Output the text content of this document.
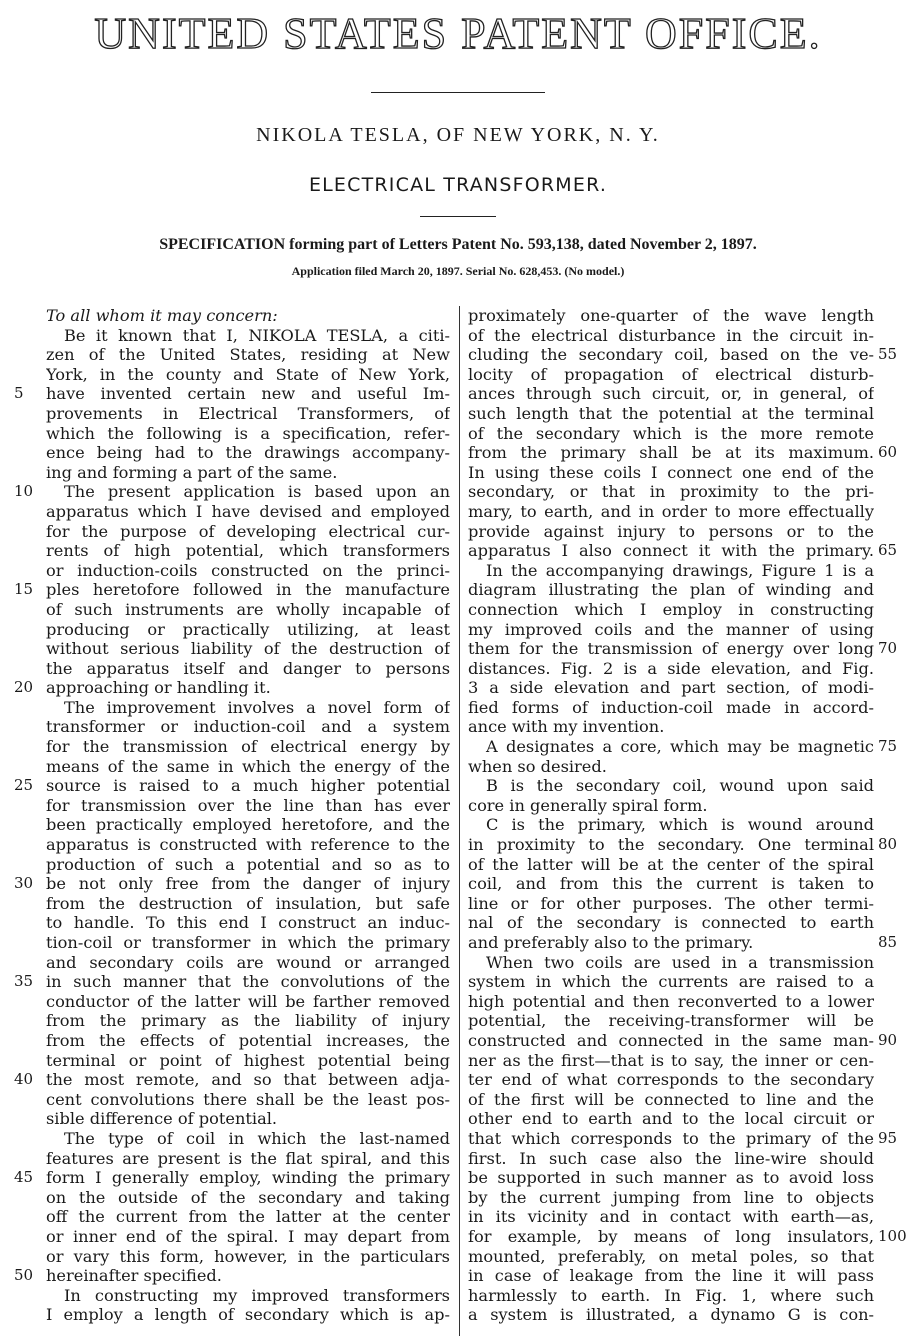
UNITED STATES PATENT OFFICE.
NIKOLA TESLA, OF NEW YORK, N. Y.
ELECTRICAL TRANSFORMER.

SPECIFICATION forming part of Letters Patent No. 593,138, dated November 2, 1897.

Application filed March 20, 1897. Serial No. 628,453. (No model.)

To all whom it may concern:
Be it known that I, NIKOLA TESLA, a citi-
zen of the United States, residing at New
York, in the county and State of New York,
have invented certain new and useful Im-
provements in Electrical Transformers, of
which the following is a specification, refer-
ence being had to the drawings accompany-
ing and forming a part of the same.
The present application is based upon an
apparatus which I have devised and employed
for the purpose of developing electrical cur-
rents of high potential, which transformers
or induction-coils constructed on the princi-
ples heretofore followed in the manufacture
of such instruments are wholly incapable of
producing or practically utilizing, at least
without serious liability of the destruction of
the apparatus itself and danger to persons
approaching or handling it.
The improvement involves a novel form of
transformer or induction-coil and a system
for the transmission of electrical energy by
means of the same in which the energy of the
source is raised to a much higher potential
for transmission over the line than has ever
been practically employed heretofore, and the
apparatus is constructed with reference to the
production of such a potential and so as to
be not only free from the danger of injury
from the destruction of insulation, but safe
to handle. To this end I construct an induc-
tion-coil or transformer in which the primary
and secondary coils are wound or arranged
in such manner that the convolutions of the
conductor of the latter will be farther removed
from the primary as the liability of injury
from the effects of potential increases, the
terminal or point of highest potential being
the most remote, and so that between adja-
cent convolutions there shall be the least pos-
sible difference of potential.
The type of coil in which the last-named
features are present is the flat spiral, and this
form I generally employ, winding the primary
on the outside of the secondary and taking
off the current from the latter at the center
or inner end of the spiral. I may depart from
or vary this form, however, in the particulars
hereinafter specified.
In constructing my improved transformers
I employ a length of secondary which is ap-
proximately one-quarter of the wave length
of the electrical disturbance in the circuit in-
cluding the secondary coil, based on the ve-
locity of propagation of electrical disturb-
ances through such circuit, or, in general, of
such length that the potential at the terminal
of the secondary which is the more remote
from the primary shall be at its maximum.
In using these coils I connect one end of the
secondary, or that in proximity to the pri-
mary, to earth, and in order to more effectually
provide against injury to persons or to the
apparatus I also connect it with the primary.
In the accompanying drawings, Figure 1 is a
diagram illustrating the plan of winding and
connection which I employ in constructing
my improved coils and the manner of using
them for the transmission of energy over long
distances. Fig. 2 is a side elevation, and Fig.
3 a side elevation and part section, of modi-
fied forms of induction-coil made in accord-
ance with my invention.
A designates a core, which may be magnetic
when so desired.
B is the secondary coil, wound upon said
core in generally spiral form.
C is the primary, which is wound around
in proximity to the secondary. One terminal
of the latter will be at the center of the spiral
coil, and from this the current is taken to
line or for other purposes. The other termi-
nal of the secondary is connected to earth
and preferably also to the primary.
When two coils are used in a transmission
system in which the currents are raised to a
high potential and then reconverted to a lower
potential, the receiving-transformer will be
constructed and connected in the same man-
ner as the first—that is to say, the inner or cen-
ter end of what corresponds to the secondary
of the first will be connected to line and the
other end to earth and to the local circuit or
that which corresponds to the primary of the
first. In such case also the line-wire should
be supported in such manner as to avoid loss
by the current jumping from line to objects
in its vicinity and in contact with earth—as,
for example, by means of long insulators,
mounted, preferably, on metal poles, so that
in case of leakage from the line it will pass
harmlessly to earth. In Fig. 1, where such
a system is illustrated, a dynamo G is con-
5
10
15
20
25
30
35
40
45
50
55
60
65
70
75
80
85
90
95
100
